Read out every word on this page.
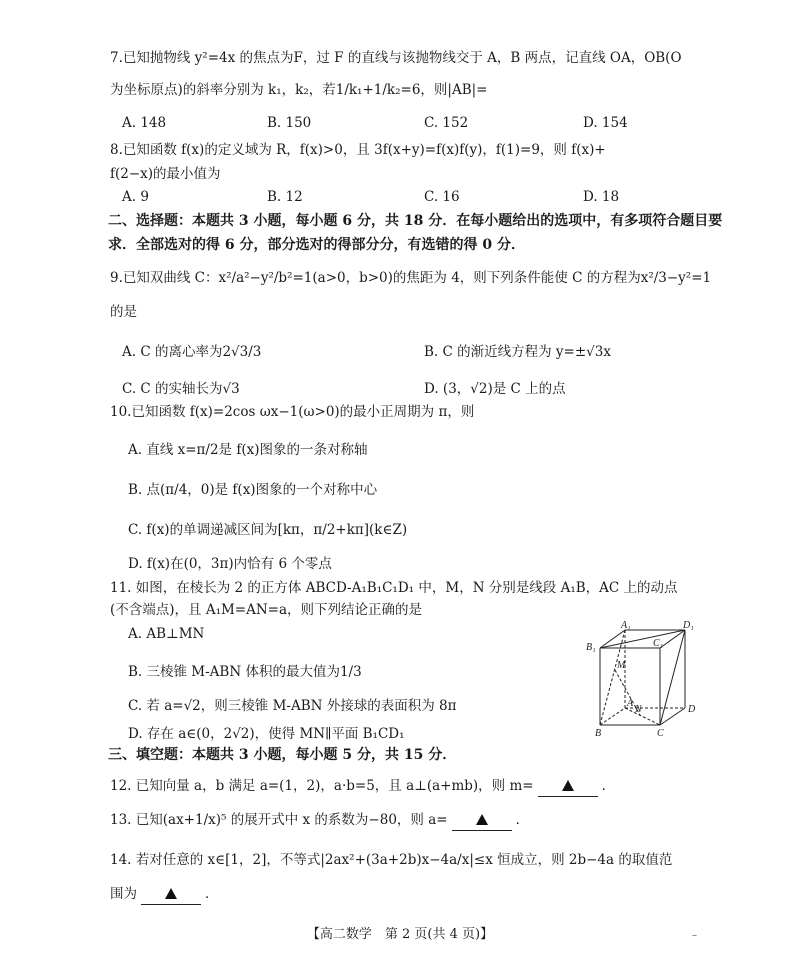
7.已知抛物线 y²=4x 的焦点为F，过 F 的直线与该抛物线交于 A，B 两点，记直线 OA，OB(O
为坐标原点)的斜率分别为 k₁，k₂，若1/k₁+1/k₂=6，则|AB|=
A. 148	B. 150	C. 152	D. 154
8.已知函数 f(x)的定义域为 R，f(x)>0，且 3f(x+y)=f(x)f(y)，f(1)=9，则 f(x)+
f(2−x)的最小值为
A. 9	B. 12	C. 16	D. 18
二、选择题：本题共 3 小题，每小题 6 分，共 18 分．在每小题给出的选项中，有多项符合题目要
求．全部选对的得 6 分，部分选对的得部分分，有选错的得 0 分．
9.已知双曲线 C：x²/a²−y²/b²=1(a>0，b>0)的焦距为 4，则下列条件能使 C 的方程为x²/3−y²=1
的是
A. C 的离心率为2√3/3	B. C 的渐近线方程为 y=±√3x
C. C 的实轴长为√3	D. (3，√2)是 C 上的点
10.已知函数 f(x)=2cos ωx−1(ω>0)的最小正周期为 π，则
A. 直线 x=π/2是 f(x)图象的一条对称轴
B. 点(π/4，0)是 f(x)图象的一个对称中心
C. f(x)的单调递减区间为[kπ，π/2+kπ](k∈Z)
D. f(x)在(0，3π)内恰有 6 个零点
11. 如图，在棱长为 2 的正方体 ABCD-A₁B₁C₁D₁ 中，M，N 分别是线段 A₁B，AC 上的动点
(不含端点)，且 A₁M=AN=a，则下列结论正确的是
A. AB⊥MN
B. 三棱锥 M-ABN 体积的最大值为1/3
C. 若 a=√2，则三棱锥 M-ABN 外接球的表面积为 8π
D. 存在 a∈(0，2√2)，使得 MN∥平面 B₁CD₁
A₁	D₁
B₁	C₁
M
N
A
D
B	C
三、填空题：本题共 3 小题，每小题 5 分，共 15 分．
12. 已知向量 a，b 满足 a=(1，2)，a·b=5，且 a⊥(a+mb)，则 m=	．
13. 已知(ax+1/x)⁵ 的展开式中 x 的系数为−80，则 a=	．
14. 若对任意的 x∈[1，2]，不等式|2ax²+(3a+2b)x−4a/x|≤x 恒成立，则 2b−4a 的取值范
围为	．
【高二数学　第 2 页(共 4 页)】	–
